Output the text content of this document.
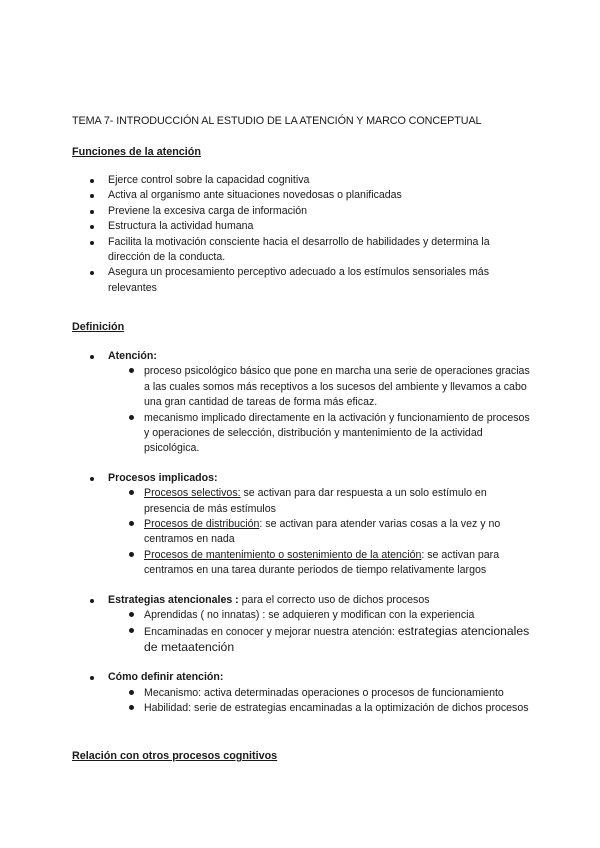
TEMA 7- INTRODUCCIÓN AL ESTUDIO DE LA ATENCIÓN Y MARCO CONCEPTUAL
Funciones de la atención
Ejerce control sobre la capacidad cognitiva
Activa al organismo ante situaciones novedosas o planificadas
Previene la excesiva carga de información
Estructura la actividad humana
Facilita la motivación consciente hacia el desarrollo de habilidades y determina la dirección de la conducta.
Asegura un procesamiento perceptivo adecuado a los estímulos sensoriales más relevantes
Definición
Atención:
proceso psicológico básico que pone en marcha una serie de operaciones gracias a las cuales somos más receptivos a los sucesos del ambiente y llevamos a cabo una gran cantidad de tareas de forma más eficaz.
mecanismo implicado directamente en la activación y funcionamiento de procesos y operaciones de selección, distribución y mantenimiento de la actividad psicológica.
Procesos implicados:
Procesos selectivos: se activan para dar respuesta a un solo estímulo en presencia de más estímulos
Procesos de distribución: se activan para atender varias cosas a la vez y no centramos en nada
Procesos de mantenimiento o sostenimiento de la atención: se activan para centramos en una tarea durante periodos de tiempo relativamente largos
Estrategias atencionales : para el correcto uso de dichos procesos
Aprendidas ( no innatas) : se adquieren y modifican con la experiencia
Encaminadas en conocer y mejorar nuestra atención: estrategias atencionales de metaatención
Cómo definir atención:
Mecanismo: activa determinadas operaciones o procesos de funcionamiento
Habilidad: serie de estrategias encaminadas a la optimización de dichos procesos
Relación con otros procesos cognitivos
